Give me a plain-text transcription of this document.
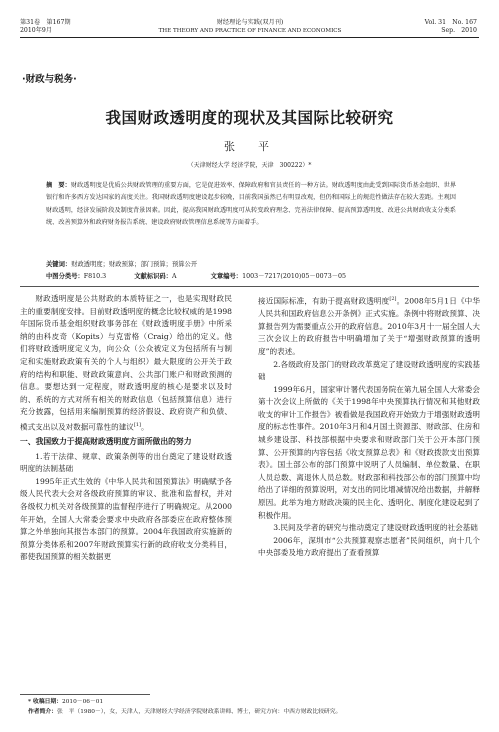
第31卷　第167期
2010年9月
财经理论与实践(双月刊)
THE THEORY AND PRACTICE OF FINANCE AND ECONOMICS
Vol. 31　No. 167
Sep.　2010
·财政与税务·
我国财政透明度的现状及其国际比较研究
张　平
（天津财经大学 经济学院，天津　300222）*
摘　要：财政透明度是优质公共财政管理的重要方面，它是促进效率、保障政府和官员责任的一种方法。财政透明度由此受到国际货币基金组织、世界银行和许多西方发达国家的高度关注。我国财政透明度建设起步较晚，目前我国虽然已有明显改观，但仍和国际上的规范性做法存在较大差距。主观因财政透明，经济发展阶段及制度背景因素。因此，提高我国财政透明度可从转变政府理念、完善法律保障、提高预算透明度、改进公共财政收支分类系统、改善预算外和政府财务报告系统、建设政府财政管理信息系统等方面着手。
关键词：财政透明度；财政预算；部门预算；预算公开
中图分类号：F810.3	文献标识码：A	文章编号：1003－7217(2010)05－0073－05

财政透明度是公共财政的本质特征之一，也是实现财政民主的重要制度安排。目前财政透明度的概念比较权威的是1998年国际货币基金组织财政事务部在《财政透明度手册》中所采纳的由科皮奇（Kopits）与克雷格（Craig）给出的定义。他们将财政透明度定义为，向公众（公众被定义为包括所有与制定和实施财政政策有关的个人与组织）最大限度的公开关于政府的结构和职能、财政政策意向、公共部门账户和财政预测的信息。要想达到一定程度，财政透明度的核心是要求以及时的、系统的方式对所有相关的财政信息（包括预算信息）进行充分披露，包括用来编制预算的经济假设、政府资产和负债、模式支出以及对数据可靠性的建议[1]。

一、我国致力于提高财政透明度方面所做出的努力
1.若干法律、规章、政策条例等的出台奠定了建设财政透明度的法制基础

1995年正式生效的《中华人民共和国预算法》明确赋予各级人民代表大会对各级政府预算的审议、批准和监督权，并对各级权力机关对各级预算的监督程序进行了明确规定。从2000年开始，全国人大常委会要求中央政府各部委应在政府整体预算之外单独向其报告本部门的预算。2004年我国政府实施新的预算分类体系和2007年财政预算实行新的政府收支分类科目，都使我国预算的相关数据更

接近国际标准，有助于提高财政透明度[2]。2008年5月1日《中华人民共和国政府信息公开条例》正式实施。条例中将财政预算、决算报告列为需要重点公开的政府信息。2010年3月十一届全国人大三次会议上的政府报告中明确增加了关于“增强财政预算的透明度”的表述。

2.各级政府及部门的财政改革奠定了建设财政透明度的实践基础

1999年6月，国家审计署代表国务院在第九届全国人大常委会第十次会议上所做的《关于1998年中央预算执行情况和其他财政收支的审计工作报告》被看做是我国政府开始致力于增强财政透明度的标志性事件。2010年3月和4月国土资源部、财政部、住房和城乡建设部、科技部根据中央要求和财政部门关于公开本部门预算、公开预算的内容包括《收支预算总表》和《财政拨款支出预算表》。国土部公布的部门预算中说明了人员编制、单位数量、在职人员总数、离退休人员总数。财政部和科技部公布的部门预算中均给出了详细的预算说明，对支出的同比增减情况给出数据，并解释原因。此举为地方财政决策的民主化、透明化、制度化建设起到了积极作用。

3.民间及学者的研究与推动奠定了建设财政透明度的社会基础

2006年，深圳市“公共预算观察志愿者”民间组织，向十几个中央部委及地方政府提出了查看预算

* 收稿日期：2010－06－01
作者简介：张　平（1980－），女，天津人，天津财经大学经济学院财政系讲师、博士，研究方向：中西方财政比较研究。
